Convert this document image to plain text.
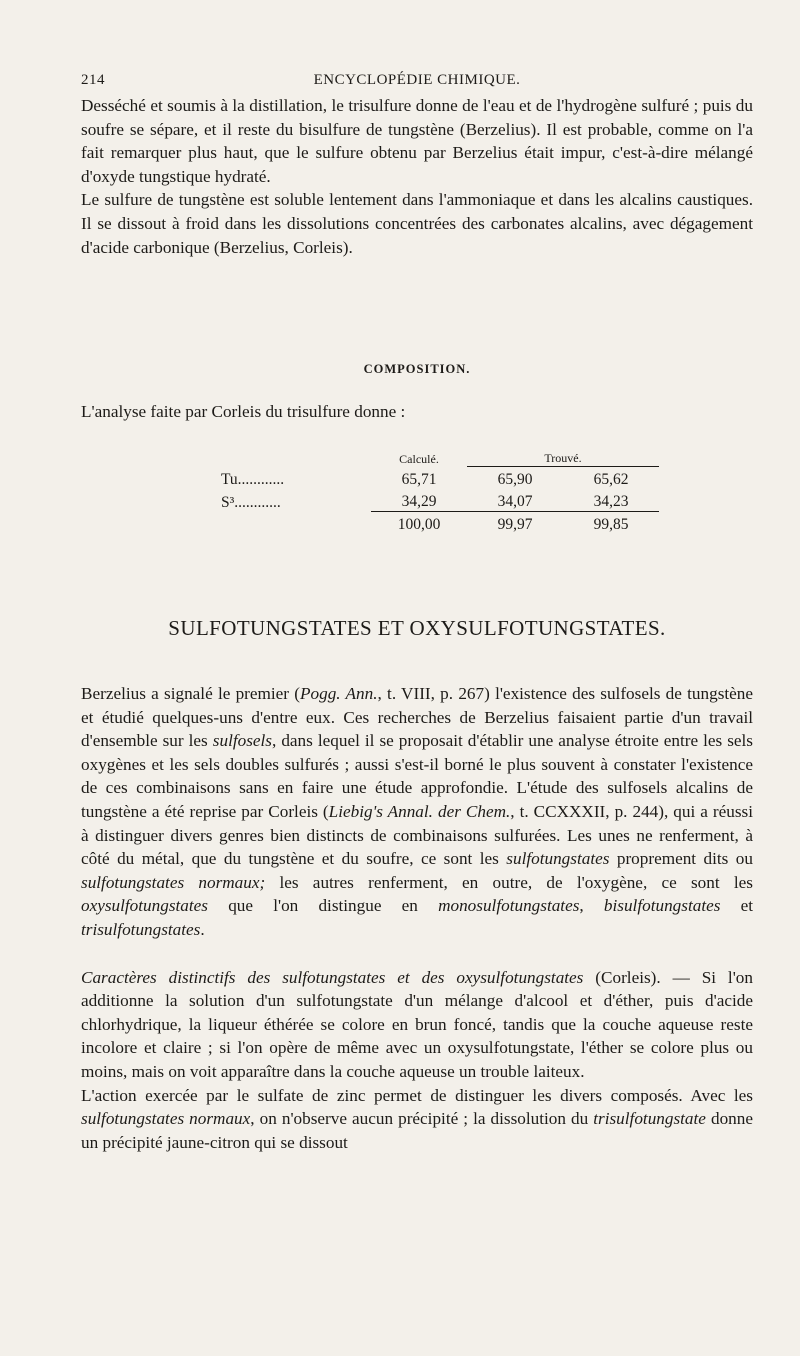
214	ENCYCLOPÉDIE CHIMIQUE.

Desséché et soumis à la distillation, le trisulfure donne de l'eau et de l'hydrogène sulfuré ; puis du soufre se sépare, et il reste du bisulfure de tungstène (Berzelius). Il est probable, comme on l'a fait remarquer plus haut, que le sulfure obtenu par Berzelius était impur, c'est-à-dire mélangé d'oxyde tungstique hydraté.

Le sulfure de tungstène est soluble lentement dans l'ammoniaque et dans les alcalins caustiques. Il se dissout à froid dans les dissolutions concentrées des carbonates alcalins, avec dégagement d'acide carbonique (Berzelius, Corleis).

COMPOSITION.

L'analyse faite par Corleis du trisulfure donne :

	Calculé.	Trouvé.	
Tu............	65,71	65,90	65,62
S³............	34,29	34,07	34,23
	100,00	99,97	99,85
SULFOTUNGSTATES ET OXYSULFOTUNGSTATES.

Berzelius a signalé le premier (Pogg. Ann., t. VIII, p. 267) l'existence des sulfosels de tungstène et étudié quelques-uns d'entre eux. Ces recherches de Berzelius faisaient partie d'un travail d'ensemble sur les sulfosels, dans lequel il se proposait d'établir une analyse étroite entre les sels oxygènes et les sels doubles sulfurés ; aussi s'est-il borné le plus souvent à constater l'existence de ces combinaisons sans en faire une étude approfondie. L'étude des sulfosels alcalins de tungstène a été reprise par Corleis (Liebig's Annal. der Chem., t. CCXXXII, p. 244), qui a réussi à distinguer divers genres bien distincts de combinaisons sulfurées. Les unes ne renferment, à côté du métal, que du tungstène et du soufre, ce sont les sulfotungstates proprement dits ou sulfotungstates normaux; les autres renferment, en outre, de l'oxygène, ce sont les oxysulfotungstates que l'on distingue en monosulfotungstates, bisulfotungstates et trisulfotungstates.

Caractères distinctifs des sulfotungstates et des oxysulfotungstates (Corleis). — Si l'on additionne la solution d'un sulfotungstate d'un mélange d'alcool et d'éther, puis d'acide chlorhydrique, la liqueur éthérée se colore en brun foncé, tandis que la couche aqueuse reste incolore et claire ; si l'on opère de même avec un oxysulfotungstate, l'éther se colore plus ou moins, mais on voit apparaître dans la couche aqueuse un trouble laiteux.

L'action exercée par le sulfate de zinc permet de distinguer les divers composés. Avec les sulfotungstates normaux, on n'observe aucun précipité ; la dissolution du trisulfotungstate donne un précipité jaune-citron qui se dissout
